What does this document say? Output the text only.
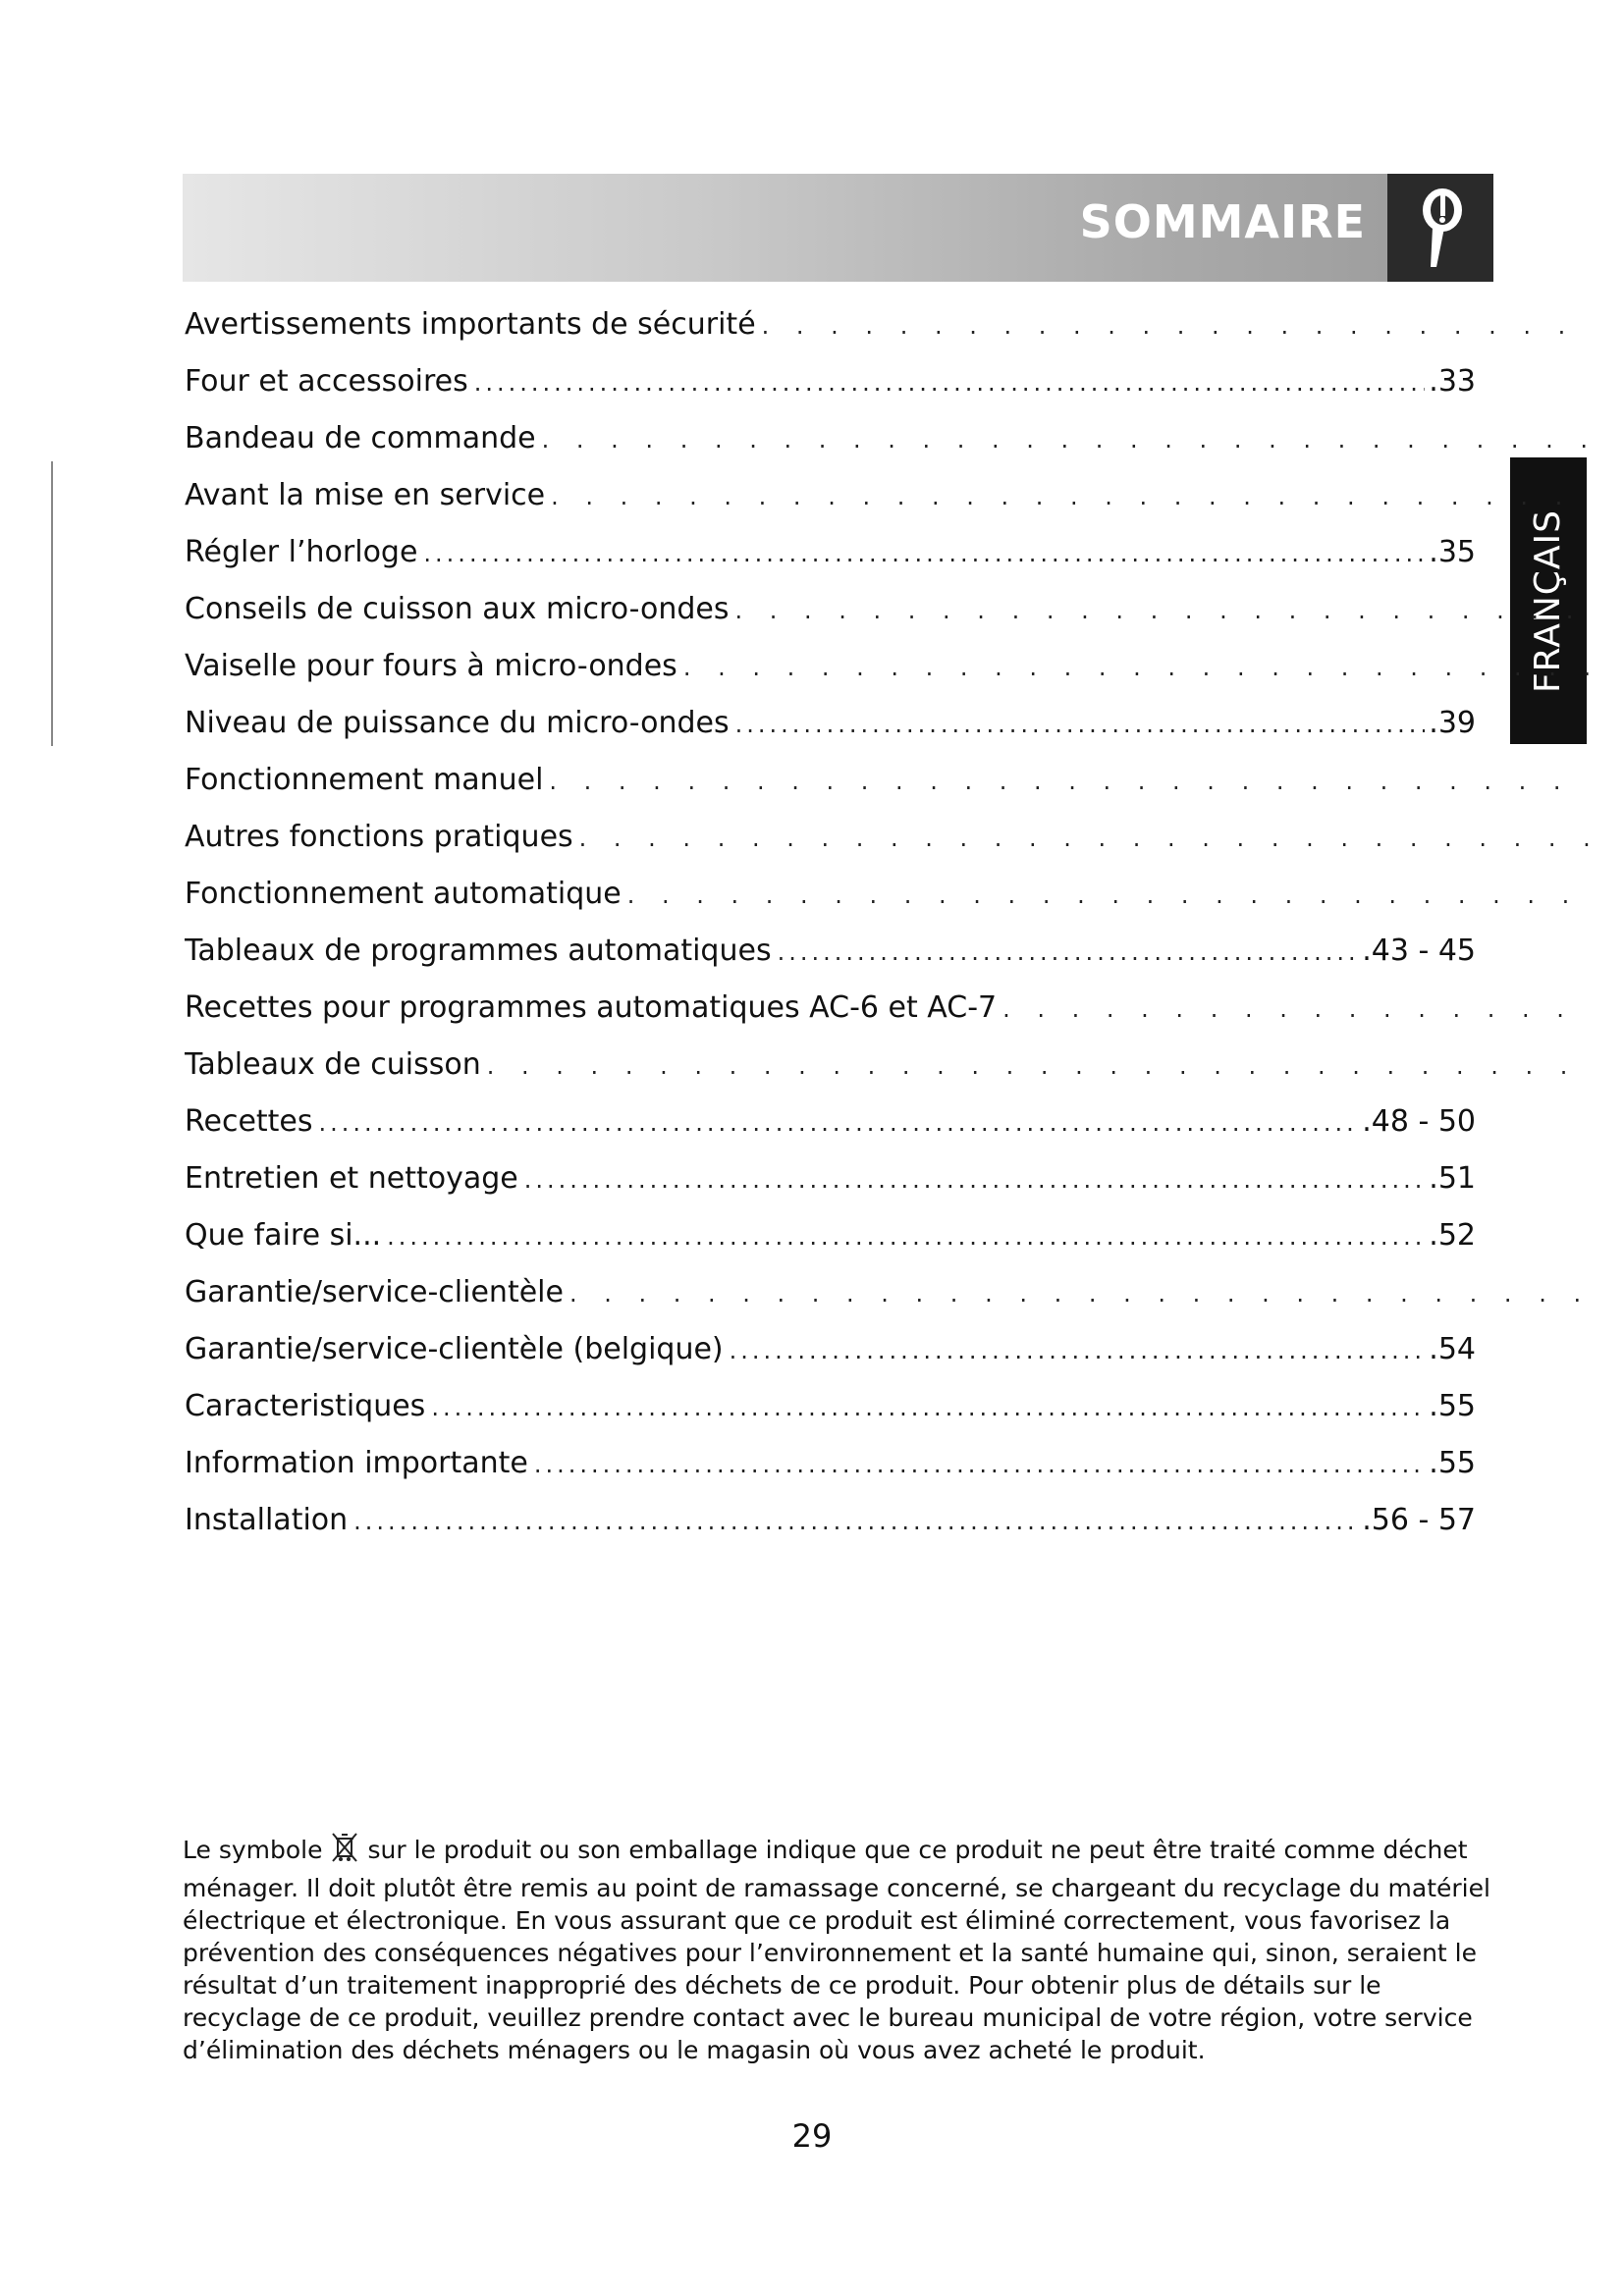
SOMMAIRE
FRANÇAIS
Avertissements importants de sécurité
. . .
Four et accessoires .....	.33
Bandeau de commande
. . .
Avant la mise en service
. . .
Régler l’horloge .....	.35
Conseils de cuisson aux micro-ondes
. . .
Vaiselle pour fours à micro-ondes
. . .
Niveau de puissance du micro-ondes .....	.39
Fonctionnement manuel
. . .
Autres fonctions pratiques
. . .
Fonctionnement automatique
. . .
Tableaux de programmes automatiques .....	.43 - 45
Recettes pour programmes automatiques AC-6 et AC-7
. . .
Tableaux de cuisson
. . .
Recettes .....	.48 - 50
Entretien et nettoyage .....	.51
Que faire si... .....	.52
Garantie/service-clientèle
. . .
Garantie/service-clientèle (belgique) .....	.54
Caracteristiques .....	.55
Information importante .....	.55
Installation .....	.56 - 57
Le symbole sur le produit ou son emballage indique que ce produit ne peut être traité comme déchet ménager. Il doit plutôt être remis au point de ramassage concerné, se chargeant du recyclage du matériel électrique et électronique. En vous assurant que ce produit est éliminé correctement, vous favorisez la prévention des conséquences négatives pour l’environnement et la santé humaine qui, sinon, seraient le résultat d’un traitement inapproprié des déchets de ce produit. Pour obtenir plus de détails sur le recyclage de ce produit, veuillez prendre contact avec le bureau municipal de votre région, votre service d’élimination des déchets ménagers ou le magasin où vous avez acheté le produit.
29
